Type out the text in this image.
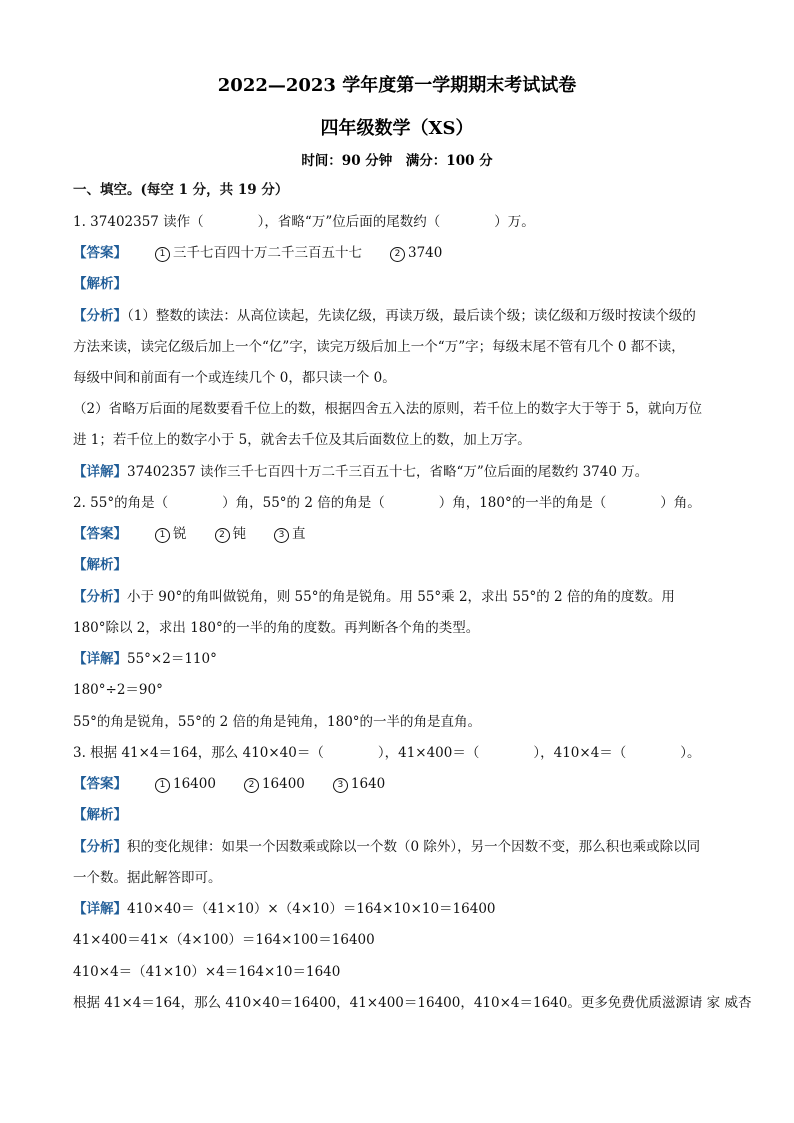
2022—2023 学年度第一学期期末考试试卷
四年级数学（XS）
时间：90 分钟　满分：100 分
一、填空。(每空 1 分，共 19 分）
1. 37402357 读作（　　　　），省略“万”位后面的尾数约（　　　　）万。
【答案】	1 三千七百四十万二千三百五十七	2 3740
【解析】
【分析】（1）整数的读法：从高位读起，先读亿级，再读万级，最后读个级；读亿级和万级时按读个级的
方法来读，读完亿级后加上一个“亿”字，读完万级后加上一个“万”字；每级末尾不管有几个 0 都不读，
每级中间和前面有一个或连续几个 0，都只读一个 0。
（2）省略万后面的尾数要看千位上的数，根据四舍五入法的原则，若千位上的数字大于等于 5，就向万位
进 1；若千位上的数字小于 5，就舍去千位及其后面数位上的数，加上万字。
【详解】37402357 读作三千七百四十万二千三百五十七，省略“万”位后面的尾数约 3740 万。
2. 55°的角是（　　　　）角，55°的 2 倍的角是（　　　　）角，180°的一半的角是（　　　　）角。
【答案】	1 锐	2 钝	3 直
【解析】
【分析】小于 90°的角叫做锐角，则 55°的角是锐角。用 55°乘 2，求出 55°的 2 倍的角的度数。用
180°除以 2，求出 180°的一半的角的度数。再判断各个角的类型。
【详解】55°×2＝110°
180°÷2＝90°
55°的角是锐角，55°的 2 倍的角是钝角，180°的一半的角是直角。
3. 根据 41×4＝164，那么 410×40＝（　　　　），41×400＝（　　　　），410×4＝（　　　　）。
【答案】	1 16400	2 16400	3 1640
【解析】
【分析】积的变化规律：如果一个因数乘或除以一个数（0 除外），另一个因数不变，那么积也乘或除以同
一个数。据此解答即可。
【详解】410×40＝（41×10）×（4×10）＝164×10×10＝16400
41×400＝41×（4×100）＝164×100＝16400
410×4＝（41×10）×4＝164×10＝1640
根据 41×4＝164，那么 410×40＝16400，41×400＝16400，410×4＝1640。更多免费优质滋源请 家 威杏
